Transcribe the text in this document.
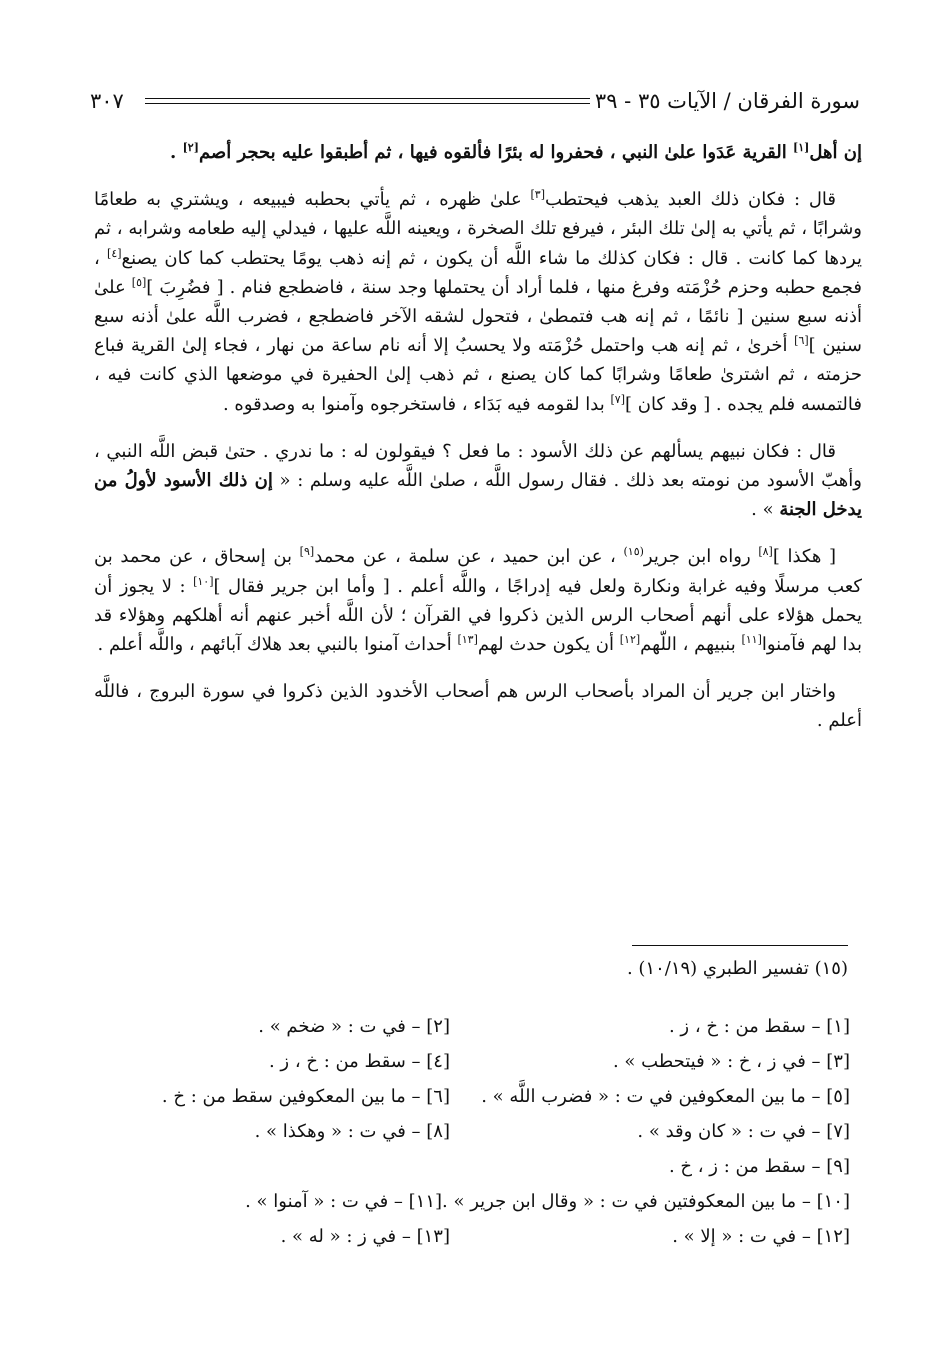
سورة الفرقان / الآيات ٣٥ - ٣٩
٣٠٧

إن أهل[١] القرية عَدَوا علىٰ النبي ، فحفروا له بئرًا فألقوه فيها ، ثم أطبقوا عليه بحجر أصم[٢] .

قال : فكان ذلك العبد يذهب فيحتطب[٣] علىٰ ظهره ، ثم يأتي بحطبه فيبيعه ، ويشتري به طعامًا وشرابًا ، ثم يأتي به إلىٰ تلك البئر ، فيرفع تلك الصخرة ، ويعينه اللَّه عليها ، فيدلي إليه طعامه وشرابه ، ثم يردها كما كانت . قال : فكان كذلك ما شاء اللَّه أن يكون ، ثم إنه ذهب يومًا يحتطب كما كان يصنع[٤] ، فجمع حطبه وحزم حُزْمَته وفرغ منها ، فلما أراد أن يحتملها وجد سنة ، فاضطجع فنام . [ فضُرِبَ ][٥] علىٰ أذنه سبع سنين [ نائمًا ، ثم إنه هب فتمطىٰ ، فتحول لشقه الآخر فاضطجع ، فضرب اللَّه علىٰ أذنه سبع سنين ][٦] أخرىٰ ، ثم إنه هب واحتمل حُزْمَته ولا يحسبُ إلا أنه نام ساعة من نهار ، فجاء إلىٰ القرية فباع حزمته ، ثم اشترىٰ طعامًا وشرابًا كما كان يصنع ، ثم ذهب إلىٰ الحفيرة في موضعها الذي كانت فيه ، فالتمسه فلم يجده . [ وقد كان ][٧] بدا لقومه فيه بَدَاء ، فاستخرجوه وآمنوا به وصدقوه .

قال : فكان نبيهم يسألهم عن ذلك الأسود : ما فعل ؟ فيقولون له : ما ندري . حتىٰ قبض اللَّه النبي ، وأهبّ الأسود من نومته بعد ذلك . فقال رسول اللَّه ، صلىٰ اللَّه عليه وسلم : « إن ذلك الأسود لأولُ من يدخل الجنة » .

[ هكذا ][٨] رواه ابن جرير$^{(١٥)}$ ، عن ابن حميد ، عن سلمة ، عن محمد[٩] بن إسحاق ، عن محمد بن كعب مرسلًا وفيه غرابة ونكارة ولعل فيه إدراجًا ، واللَّه أعلم . [ وأما ابن جرير فقال ][١٠] : لا يجوز أن يحمل هؤلاء على أنهم أصحاب الرس الذين ذكروا في القرآن ؛ لأن اللَّه أخبر عنهم أنه أهلكهم وهؤلاء قد بدا لهم فآمنوا[١١] بنبيهم ، اللّهم[١٢] أن يكون حدث لهم[١٣] أحداث آمنوا بالنبي بعد هلاك آبائهم ، واللَّه أعلم .

واختار ابن جرير أن المراد بأصحاب الرس هم أصحاب الأخدود الذين ذكروا في سورة البروج ، فاللَّه أعلم .

(١٥) تفسير الطبري (١٠/١٩) .
[١] – سقط من : خ ، ز .
[٢] – في ت : « ضخم » .
[٣] – في ز ، خ : « فيتحطب » .
[٤] – سقط من : خ ، ز .
[٥] – ما بين المعكوفين في ت : « فضرب اللَّه » .
[٦] – ما بين المعكوفين سقط من : خ .
[٧] – في ت : « كان وقد » .
[٨] – في ت : « وهكذا » .
[٩] – سقط من : ز ، خ .
[١٠] – ما بين المعكوفتين في ت : « وقال ابن جرير » .[١١] – في ت : « آمنوا » .
[١٢] – في ت : « إلا » .
[١٣] – في ز : « له » .
